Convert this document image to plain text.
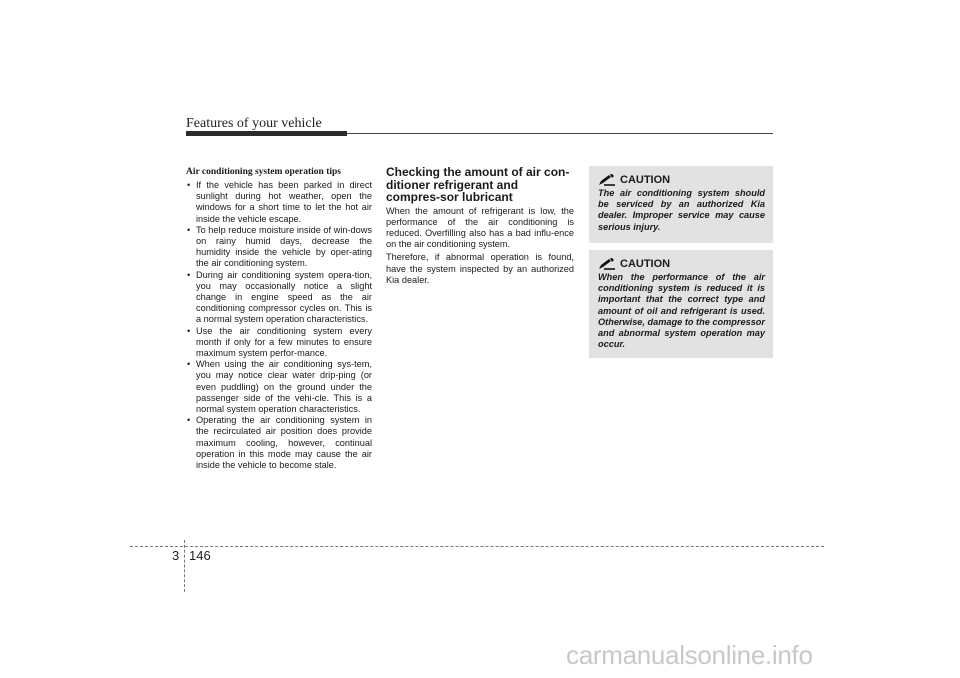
Features of your vehicle
Air conditioning system operation tips
• If the vehicle has been parked in direct sunlight during hot weather, open the windows for a short time to let the hot air inside the vehicle escape.
• To help reduce moisture inside of win-dows on rainy humid days, decrease the humidity inside the vehicle by oper-ating the air conditioning system.
• During air conditioning system opera-tion, you may occasionally notice a slight change in engine speed as the air conditioning compressor cycles on. This is a normal system operation characteristics.
• Use the air conditioning system every month if only for a few minutes to ensure maximum system perfor-mance.
• When using the air conditioning sys-tem, you may notice clear water drip-ping (or even puddling) on the ground under the passenger side of the vehi-cle. This is a normal system operation characteristics.
• Operating the air conditioning system in the recirculated air position does provide maximum cooling, however, continual operation in this mode may cause the air inside the vehicle to become stale.
Checking the amount of air con-ditioner refrigerant and compres-sor lubricant

When the amount of refrigerant is low, the performance of the air conditioning is reduced. Overfilling also has a bad influ-ence on the air conditioning system.

Therefore, if abnormal operation is found, have the system inspected by an authorized Kia dealer.

CAUTION

The air conditioning system should be serviced by an authorized Kia dealer. Improper service may cause serious injury.

CAUTION

When the performance of the air conditioning system is reduced it is important that the correct type and amount of oil and refrigerant is used. Otherwise, damage to the compressor and abnormal system operation may occur.

3 146
carmanualsonline.info
